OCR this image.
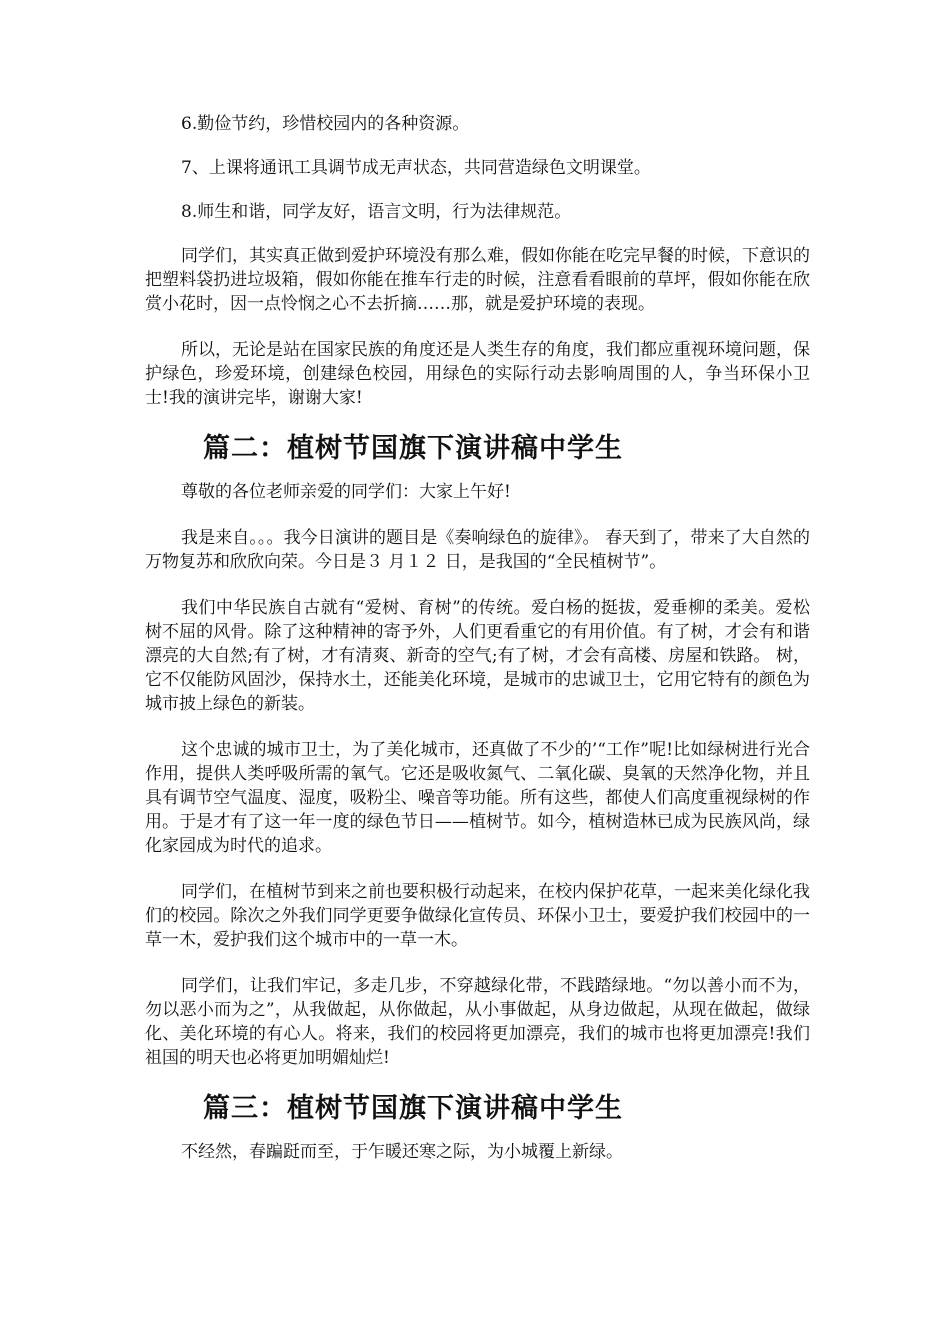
6.勤俭节约，珍惜校园内的各种资源。

7、上课将通讯工具调节成无声状态，共同营造绿色文明课堂。

8.师生和谐，同学友好，语言文明，行为法律规范。

同学们，其实真正做到爱护环境没有那么难，假如你能在吃完早餐的时候，下意识的把塑料袋扔进垃圾箱，假如你能在推车行走的时候，注意看看眼前的草坪，假如你能在欣赏小花时，因一点怜悯之心不去折摘……那，就是爱护环境的表现。

所以，无论是站在国家民族的角度还是人类生存的角度，我们都应重视环境问题，保护绿色，珍爱环境，创建绿色校园，用绿色的实际行动去影响周围的人，争当环保小卫士!我的演讲完毕，谢谢大家!

篇二：植树节国旗下演讲稿中学生

尊敬的各位老师亲爱的同学们：大家上午好!

我是来自。。。我今日演讲的题目是《奏响绿色的旋律》。 春天到了，带来了大自然的万物复苏和欣欣向荣。今日是３ 月１２ 日，是我国的“全民植树节”。

我们中华民族自古就有“爱树、育树”的传统。爱白杨的挺拔，爱垂柳的柔美。爱松树不屈的风骨。除了这种精神的寄予外，人们更看重它的有用价值。有了树，才会有和谐漂亮的大自然;有了树，才有清爽、新奇的空气;有了树，才会有高楼、房屋和铁路。 树，它不仅能防风固沙，保持水土，还能美化环境，是城市的忠诚卫士，它用它特有的颜色为城市披上绿色的新装。

这个忠诚的城市卫士，为了美化城市，还真做了不少的’“工作”呢!比如绿树进行光合作用，提供人类呼吸所需的氧气。它还是吸收氮气、二氧化碳、臭氧的天然净化物，并且具有调节空气温度、湿度，吸粉尘、噪音等功能。所有这些，都使人们高度重视绿树的作用。于是才有了这一年一度的绿色节日——植树节。如今，植树造林已成为民族风尚，绿化家园成为时代的追求。

同学们，在植树节到来之前也要积极行动起来，在校内保护花草，一起来美化绿化我们的校园。除次之外我们同学更要争做绿化宣传员、环保小卫士，要爱护我们校园中的一草一木，爱护我们这个城市中的一草一木。

同学们，让我们牢记，多走几步，不穿越绿化带，不践踏绿地。“勿以善小而不为，勿以恶小而为之”，从我做起，从你做起，从小事做起，从身边做起，从现在做起，做绿化、美化环境的有心人。将来，我们的校园将更加漂亮，我们的城市也将更加漂亮!我们祖国的明天也必将更加明媚灿烂!

篇三：植树节国旗下演讲稿中学生

不经然，春蹁跹而至，于乍暖还寒之际，为小城覆上新绿。
